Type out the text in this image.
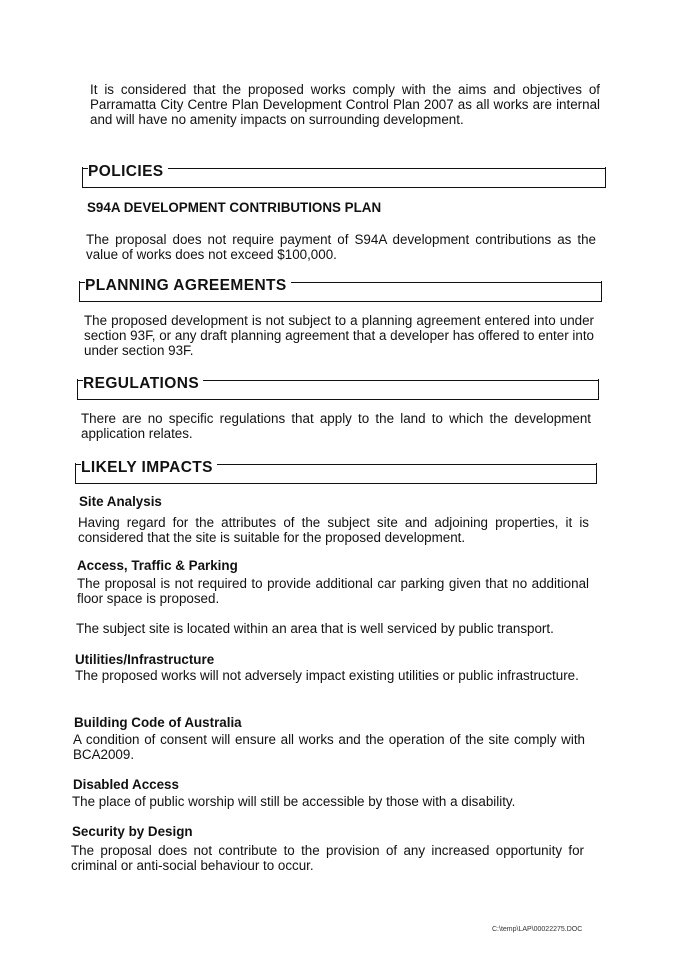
It is considered that the proposed works comply with the aims and objectives of Parramatta City Centre Plan Development Control Plan 2007 as all works are internal and will have no amenity impacts on surrounding development.

POLICIES

S94A DEVELOPMENT CONTRIBUTIONS PLAN

The proposal does not require payment of S94A development contributions as the value of works does not exceed $100,000.

PLANNING AGREEMENTS

The proposed development is not subject to a planning agreement entered into under section 93F, or any draft planning agreement that a developer has offered to enter into under section 93F.

REGULATIONS

There are no specific regulations that apply to the land to which the development application relates.

LIKELY IMPACTS

Site Analysis

Having regard for the attributes of the subject site and adjoining properties, it is considered that the site is suitable for the proposed development.

Access, Traffic & Parking

The proposal is not required to provide additional car parking given that no additional floor space is proposed.

The subject site is located within an area that is well serviced by public transport.

Utilities/Infrastructure

The proposed works will not adversely impact existing utilities or public infrastructure.

Building Code of Australia

A condition of consent will ensure all works and the operation of the site comply with BCA2009.

Disabled Access

The place of public worship will still be accessible by those with a disability.

Security by Design

The proposal does not contribute to the provision of any increased opportunity for criminal or anti-social behaviour to occur.

C:\temp\LAP\00022275.DOC
